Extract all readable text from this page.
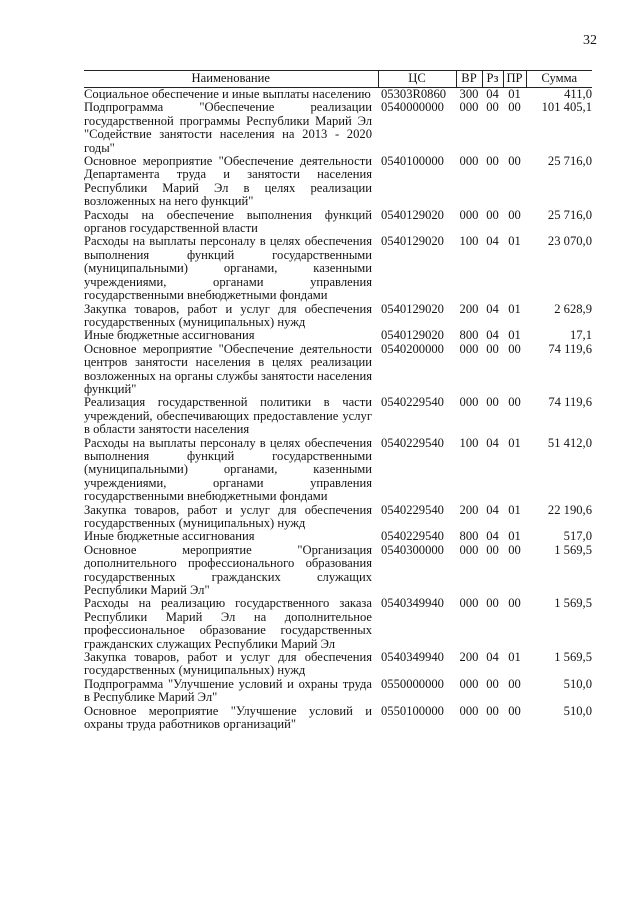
32
Наименование	ЦС	ВР	Рз	ПР	Сумма
Социальное обеспечение и иные выплаты населению	05303R0860	300	04	01	411,0
Подпрограмма "Обеспечение реализации государственной программы Республики Марий Эл "Содействие занятости населения на 2013 - 2020 годы"	0540000000	000	00	00	101 405,1
Основное мероприятие "Обеспечение деятельности Департамента труда и занятости населения Республики Марий Эл в целях реализации возложенных на него функций"	0540100000	000	00	00	25 716,0
Расходы на обеспечение выполнения функций органов государственной власти	0540129020	000	00	00	25 716,0
Расходы на выплаты персоналу в целях обеспечения выполнения функций государственными (муниципальными) органами, казенными учреждениями, органами управления государственными внебюджетными фондами	0540129020	100	04	01	23 070,0
Закупка товаров, работ и услуг для обеспечения государственных (муниципальных) нужд	0540129020	200	04	01	2 628,9
Иные бюджетные ассигнования	0540129020	800	04	01	17,1
Основное мероприятие "Обеспечение деятельности центров занятости населения в целях реализации возложенных на органы службы занятости населения функций"	0540200000	000	00	00	74 119,6
Реализация государственной политики в части учреждений, обеспечивающих предоставление услуг в области занятости населения	0540229540	000	00	00	74 119,6
Расходы на выплаты персоналу в целях обеспечения выполнения функций государственными (муниципальными) органами, казенными учреждениями, органами управления государственными внебюджетными фондами	0540229540	100	04	01	51 412,0
Закупка товаров, работ и услуг для обеспечения государственных (муниципальных) нужд	0540229540	200	04	01	22 190,6
Иные бюджетные ассигнования	0540229540	800	04	01	517,0
Основное мероприятие "Организация дополнительного профессионального образования государственных гражданских служащих Республики Марий Эл"	0540300000	000	00	00	1 569,5
Расходы на реализацию государственного заказа Республики Марий Эл на дополнительное профессиональное образование государственных гражданских служащих Республики Марий Эл	0540349940	000	00	00	1 569,5
Закупка товаров, работ и услуг для обеспечения государственных (муниципальных) нужд	0540349940	200	04	01	1 569,5
Подпрограмма "Улучшение условий и охраны труда в Республике Марий Эл"	0550000000	000	00	00	510,0
Основное мероприятие "Улучшение условий и охраны труда работников организаций"	0550100000	000	00	00	510,0
